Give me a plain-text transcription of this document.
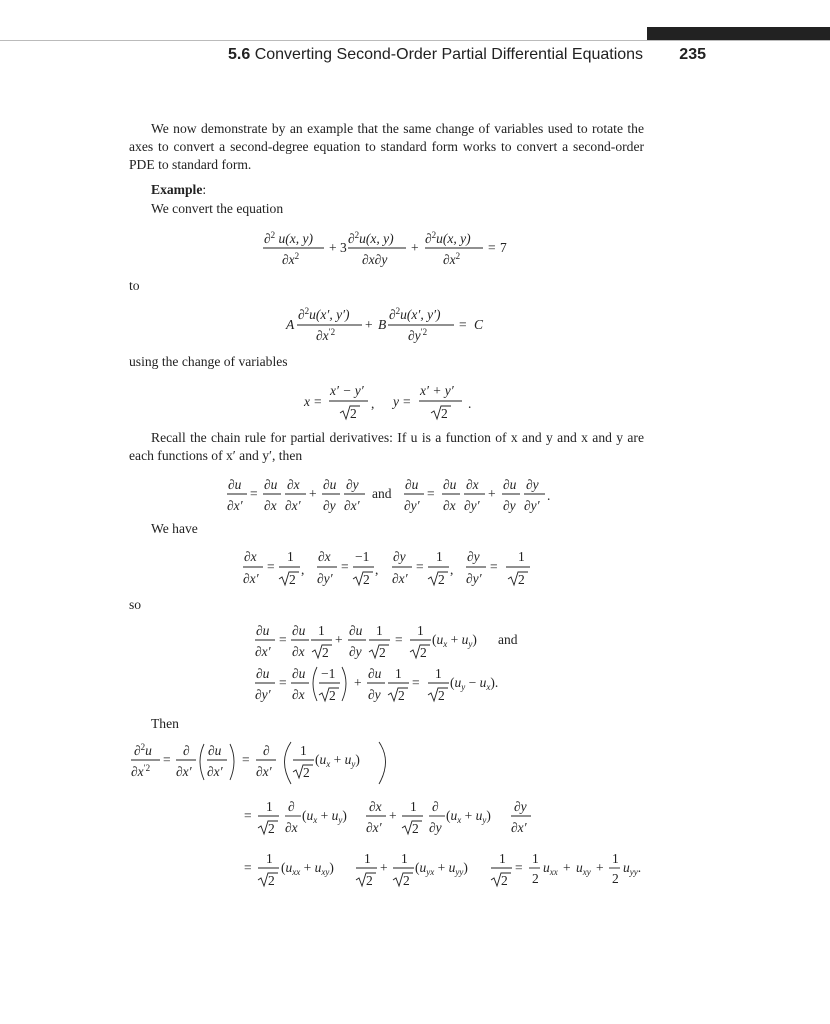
5.6 Converting Second-Order Partial Differential Equations 235
We now demonstrate by an example that the same change of variables used to rotate the axes to convert a second-degree equation to standard form works to convert a second-order PDE to standard form.
Example:
We convert the equation
∂$^2$ u(x, y)
$\partial x^2$
+ 3
∂$^2$u(x, y)
∂x∂y
+
∂$^2$u(x, y)
$\partial x^2$
= 7
to
A
∂$^2$u(x′, y′)
$\partial x^{'2} + B$
∂$^2$u(x′, y′)
$\partial y^{'2} = C$
using the change of variables
x =
x′ − y′
2
, y =
x′ + y′
2
.
Recall the chain rule for partial derivatives: If u is a function of x and y and x and y are each functions of x′ and y′, then
∂u
∂x′
=
∂u
∂x
∂x
∂x′
+
∂u
∂y
∂y
∂x′
and
∂u
∂y′
=
∂u
∂x
∂x
∂y′
+
∂u
∂y
∂y
∂y′
.
We have
∂x
∂x′
=
1
2
,
∂x
∂y′
=
−1
2
,
∂y
∂x′
=
1
2
,
∂y
∂y′
=
1
2
so
∂u
∂x′
=
∂u
∂x
1
2
+
∂u
∂y
1
2
=
1
2
$(u_x + u_y)$ and
∂u
∂y′
=
∂u
∂x
−1
2
+
∂u
∂y
1
2
=
1
2
$(u_y - u_x)$.
Then
∂$^2$u
$\partial x^{'2}$
=
∂
∂x′
∂u
∂x′
=
∂
∂x′
1
2
$(u_x + u_y)$
=
1
2
∂
∂x
$(u_x + u_y)$
∂x
∂x′
+
1
2
∂
∂y
$(u_x + u_y)$
∂y
∂x′
=
1
2
$(u_{xx} + u_{xy})$
1
2
+
1
2
$(u_{yx} + u_{yy})$
1
2
=
1
2
$u_{xx} + u_{xy}$ +
1
2
$u_{yy}$.
